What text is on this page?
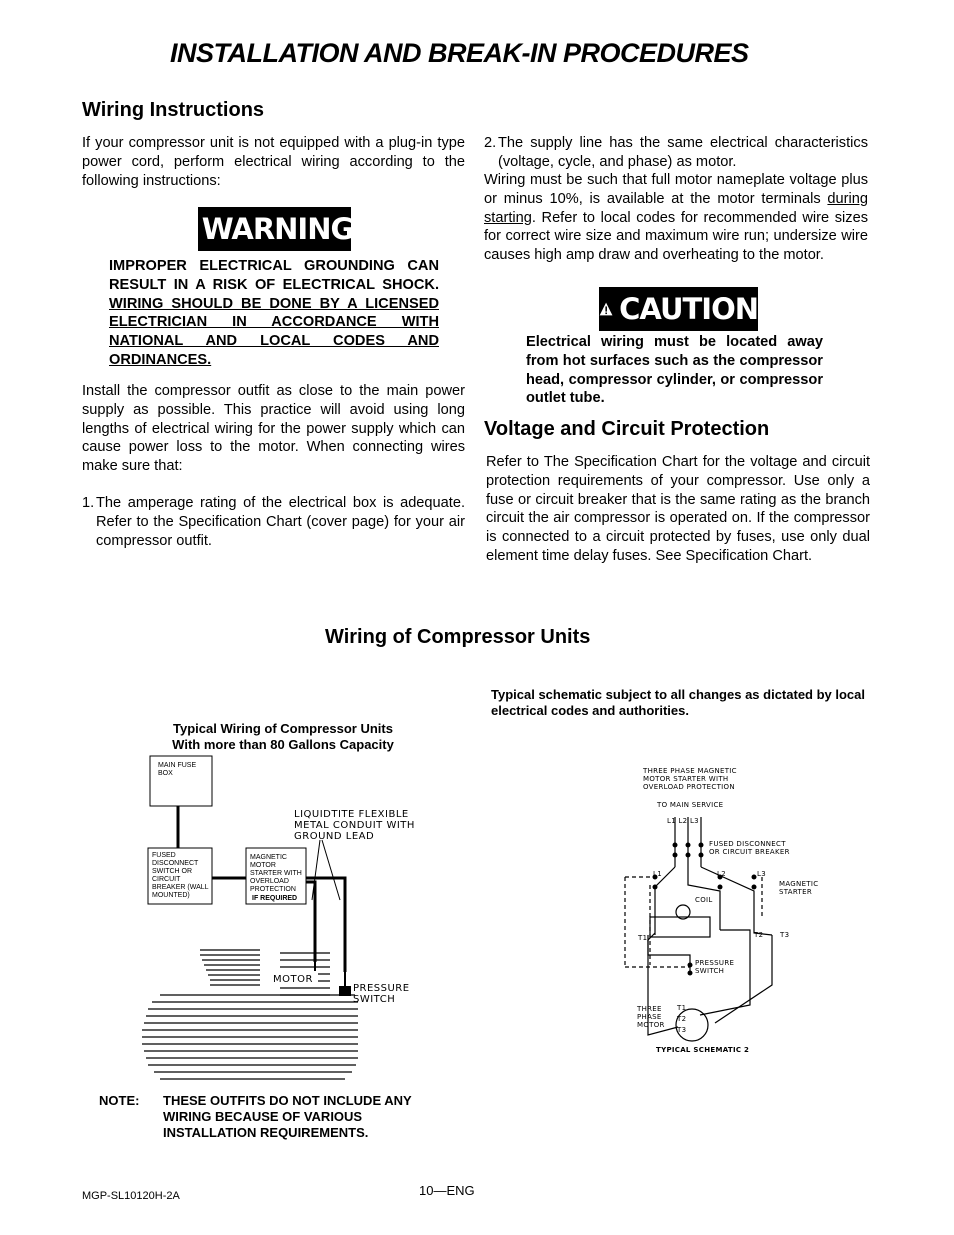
INSTALLATION AND BREAK-IN PROCEDURES
Wiring Instructions
If your compressor unit is not equipped with a plug-in type power cord, perform electrical wiring according to the following instructions:
WARNING
IMPROPER ELECTRICAL GROUNDING CAN RESULT IN A RISK OF ELECTRICAL SHOCK. WIRING SHOULD BE DONE BY A LICENSED ELECTRICIAN IN ACCORDANCE WITH NATIONAL AND LOCAL CODES AND ORDINANCES.
Install the compressor outfit as close to the main power supply as possible. This practice will avoid using long lengths of electrical wiring for the power supply which can cause power loss to the motor. When connecting wires make sure that:
1. The amperage rating of the electrical box is adequate. Refer to the Specification Chart (cover page) for your air compressor outfit.
2. The supply line has the same electrical characteristics (voltage, cycle, and phase) as motor.
Wiring must be such that full motor nameplate voltage plus or minus 10%, is available at the motor terminals during starting. Refer to local codes for recommended wire sizes for correct wire size and maximum wire run; undersize wire causes high amp draw and overheating to the motor.
CAUTION
Electrical wiring must be located away from hot surfaces such as the compressor head, compressor cylinder, or compressor outlet tube.
Voltage and Circuit Protection
Refer to The Specification Chart for the voltage and circuit protection requirements of your compressor. Use only a fuse or circuit breaker that is the same rating as the branch circuit the air compressor is operated on. If the compressor is connected to a circuit protected by fuses, use only dual element time delay fuses. See Specification Chart.
Wiring of Compressor Units
Typical schematic subject to all changes as dictated by local electrical codes and authorities.
Typical Wiring of Compressor Units
With more than 80 Gallons Capacity
MAIN FUSE BOX
FUSED DISCONNECT SWITCH OR CIRCUIT BREAKER (WALL MOUNTED)
MAGNETIC MOTOR STARTER WITH OVERLOAD PROTECTION
IF REQUIRED
LIQUIDTITE FLEXIBLE METAL CONDUIT WITH GROUND LEAD
MOTOR
PRESSURE SWITCH
NOTE: THESE OUTFITS DO NOT INCLUDE ANY WIRING BECAUSE OF VARIOUS INSTALLATION REQUIREMENTS.
THREE PHASE MAGNETIC MOTOR STARTER WITH OVERLOAD PROTECTION
TO MAIN SERVICE
L1 L2 L3
FUSED DISCONNECT OR CIRCUIT BREAKER
L1	L2	L3
MAGNETIC STARTER
COIL
T1	T2 T3
PRESSURE SWITCH
THREE PHASE MOTOR
T1
T2
T3
TYPICAL SCHEMATIC 2
MGP-SL10120H-2A	10—ENG
